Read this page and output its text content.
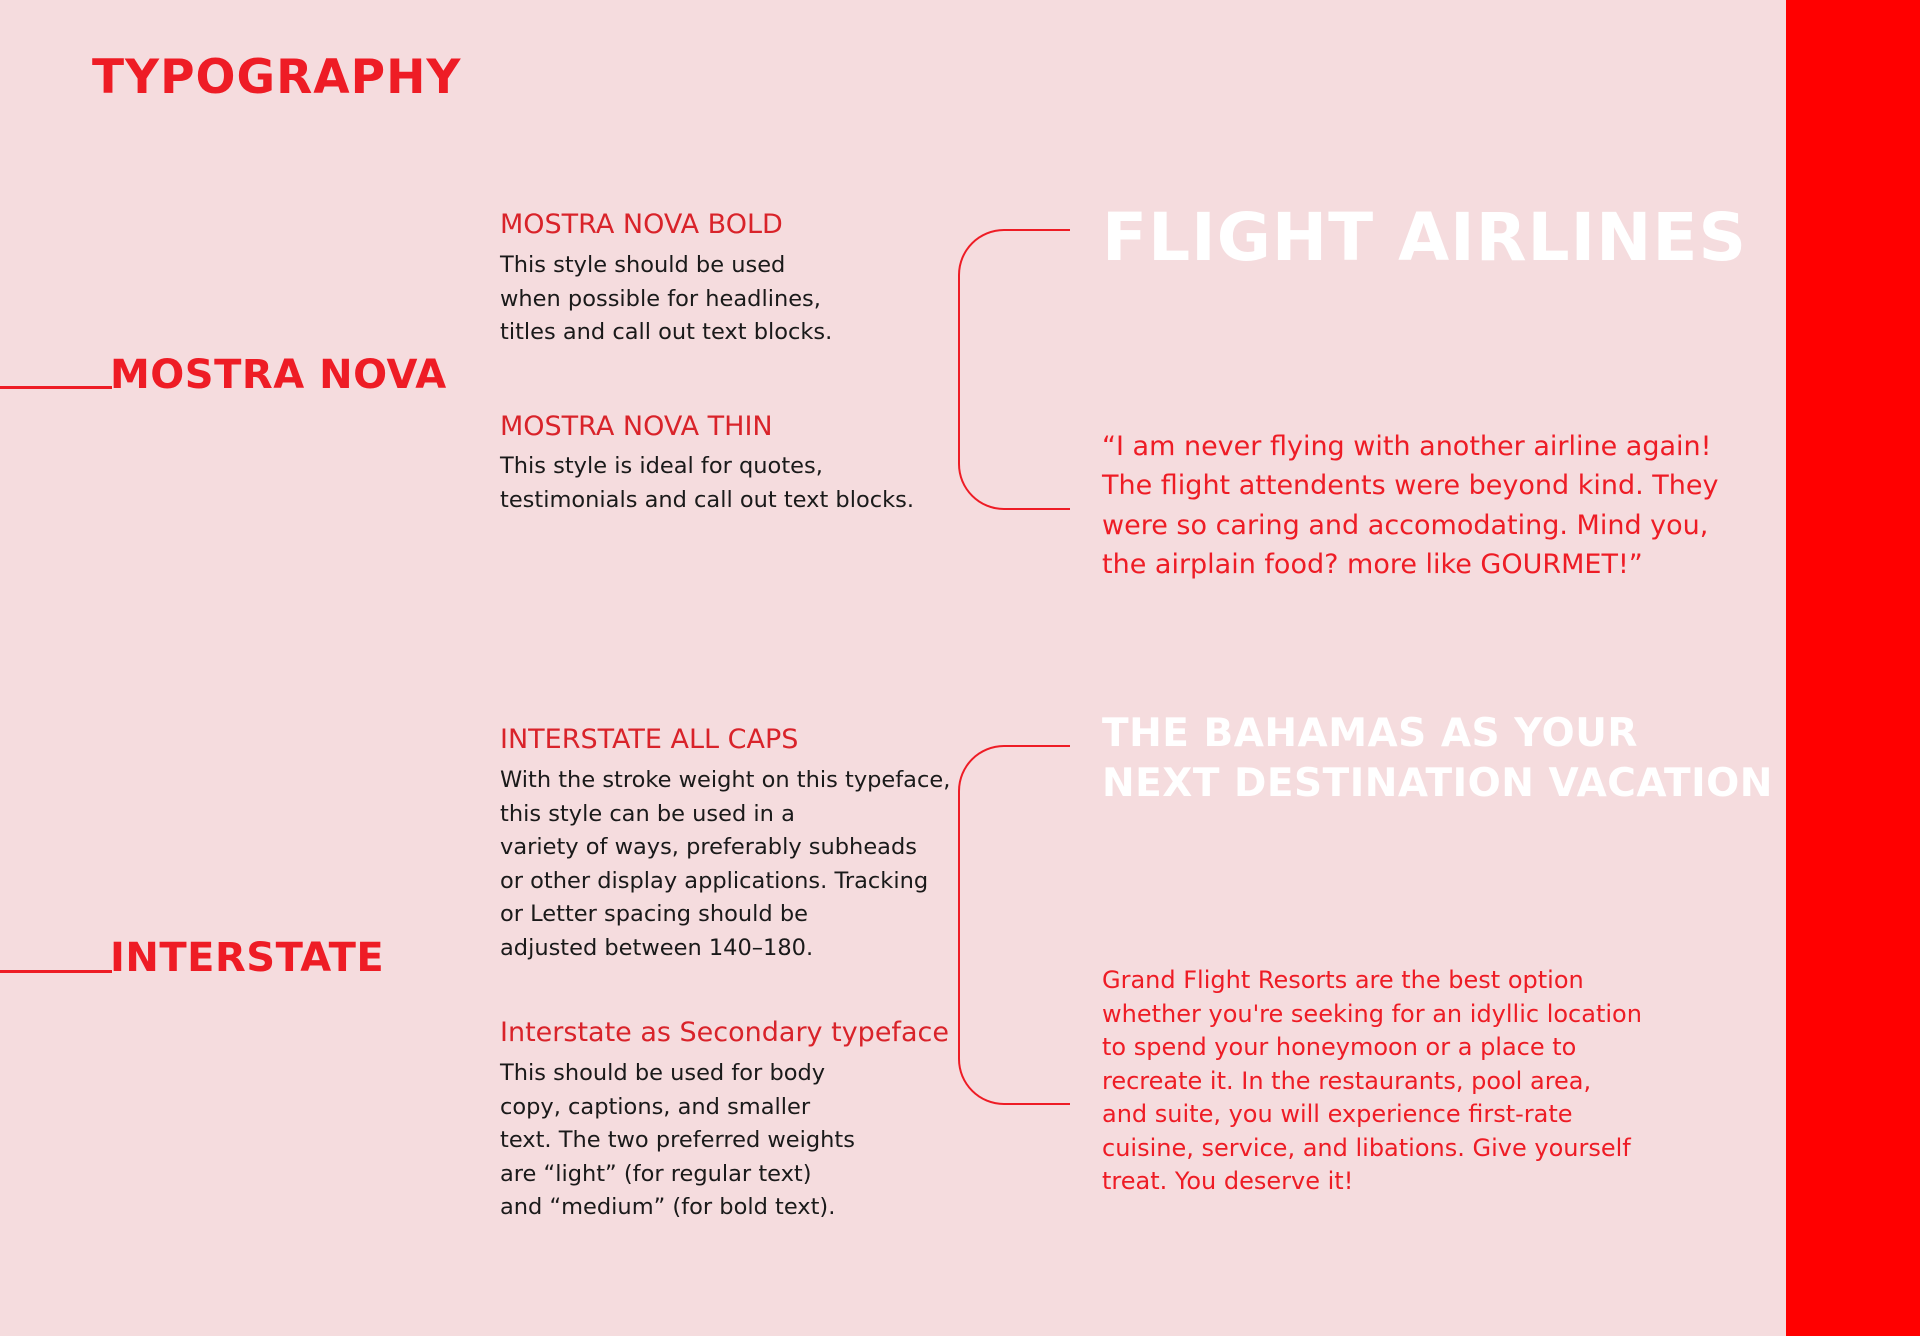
TYPOGRAPHY
MOSTRA NOVA
MOSTRA NOVA BOLD

This style should be used
when possible for headlines,
titles and call out text blocks.

MOSTRA NOVA THIN

This style is ideal for quotes,
testimonials and call out text blocks.

FLIGHT AIRLINES

“I am never flying with another airline again!
The flight attendents were beyond kind. They
were so caring and accomodating. Mind you,
the airplain food? more like GOURMET!”

INTERSTATE
INTERSTATE ALL CAPS

With the stroke weight on this typeface,
this style can be used in a
variety of ways, preferably subheads
or other display applications. Tracking
or Letter spacing should be
adjusted between 140–180.

Interstate as Secondary typeface

This should be used for body
copy, captions, and smaller
text. The two preferred weights
are “light” (for regular text)
and “medium” (for bold text).

THE BAHAMAS AS YOUR
NEXT DESTINATION VACATION

Grand Flight Resorts are the best option
whether you're seeking for an idyllic location
to spend your honeymoon or a place to
recreate it. In the restaurants, pool area,
and suite, you will experience first-rate
cuisine, service, and libations. Give yourself
treat. You deserve it!
